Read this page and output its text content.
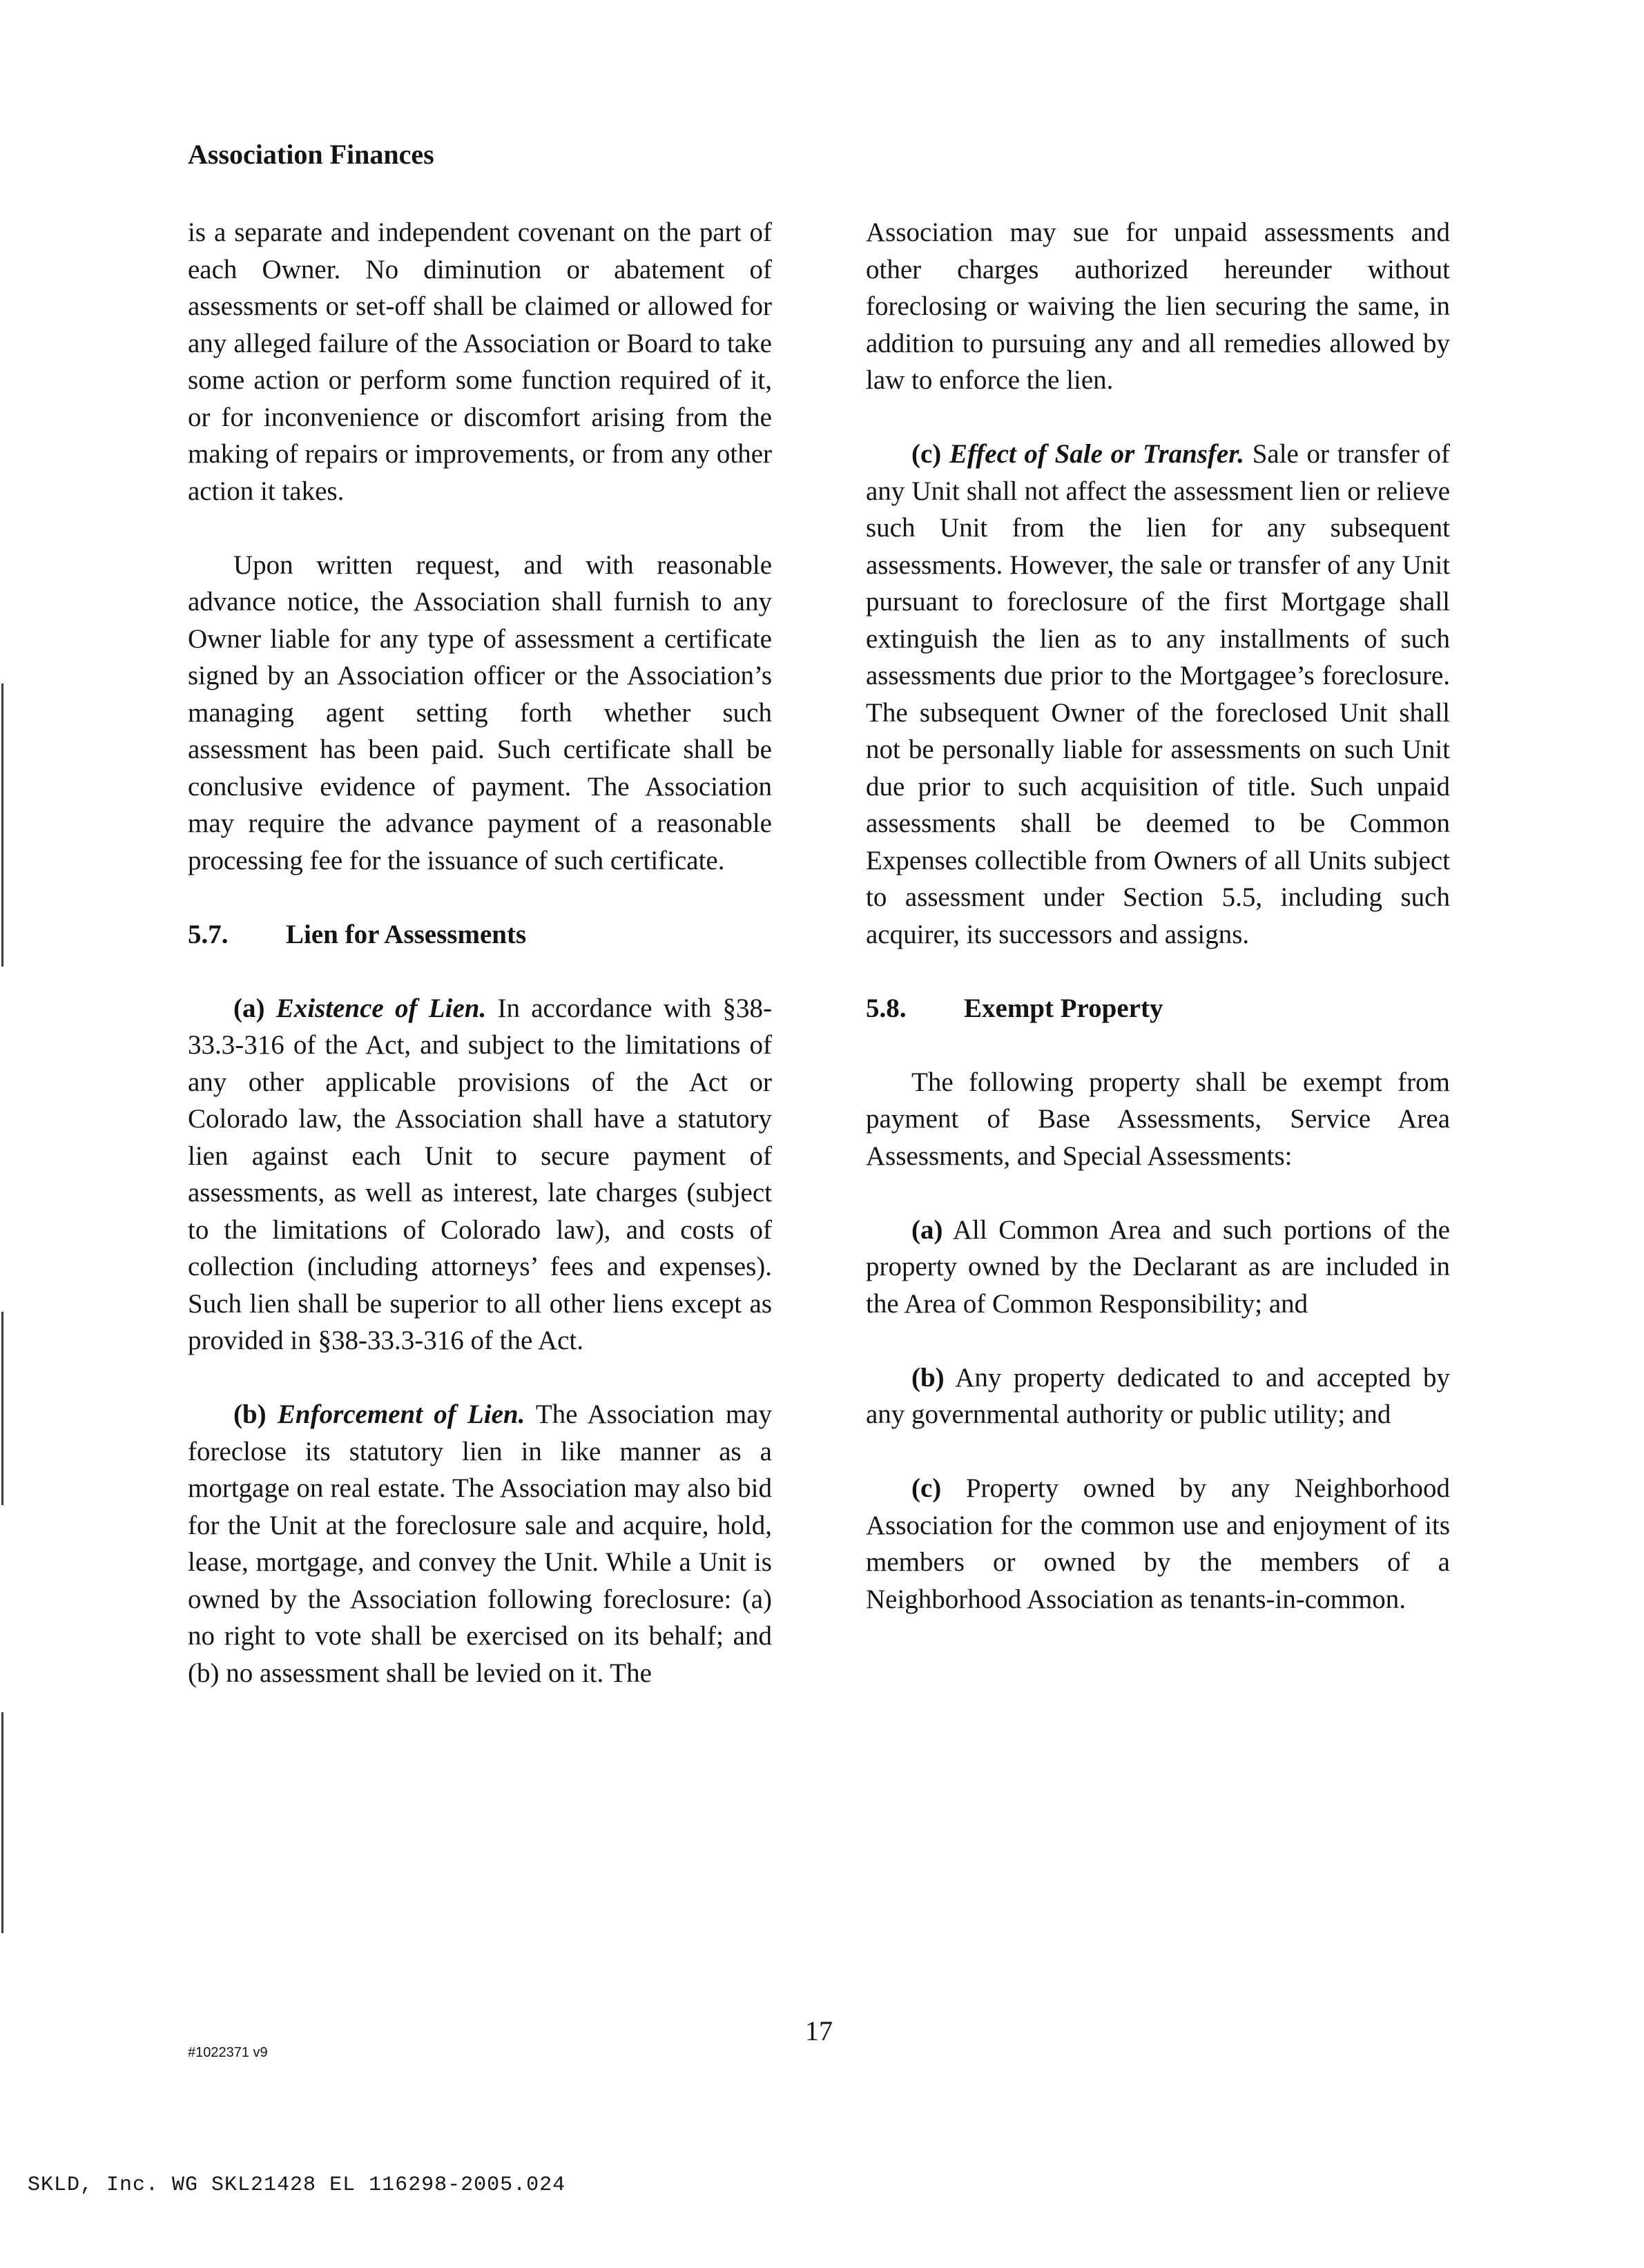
Association Finances

is a separate and independent covenant on the part of each Owner. No diminution or abatement of assessments or set-off shall be claimed or allowed for any alleged failure of the Association or Board to take some action or perform some function required of it, or for inconvenience or discomfort arising from the making of repairs or improvements, or from any other action it takes.

Upon written request, and with reasonable advance notice, the Association shall furnish to any Owner liable for any type of assessment a certificate signed by an Association officer or the Association’s managing agent setting forth whether such assessment has been paid. Such certificate shall be conclusive evidence of payment. The Association may require the advance payment of a reasonable processing fee for the issuance of such certificate.

5.7. Lien for Assessments

(a) Existence of Lien. In accordance with §38-33.3-316 of the Act, and subject to the limitations of any other applicable provisions of the Act or Colorado law, the Association shall have a statutory lien against each Unit to secure payment of assessments, as well as interest, late charges (subject to the limitations of Colorado law), and costs of collection (including attorneys’ fees and expenses). Such lien shall be superior to all other liens except as provided in §38-33.3-316 of the Act.

(b) Enforcement of Lien. The Association may foreclose its statutory lien in like manner as a mortgage on real estate. The Association may also bid for the Unit at the foreclosure sale and acquire, hold, lease, mortgage, and convey the Unit. While a Unit is owned by the Association following foreclosure: (a) no right to vote shall be exercised on its behalf; and (b) no assessment shall be levied on it. The

Association may sue for unpaid assessments and other charges authorized hereunder without foreclosing or waiving the lien securing the same, in addition to pursuing any and all remedies allowed by law to enforce the lien.

(c) Effect of Sale or Transfer. Sale or transfer of any Unit shall not affect the assessment lien or relieve such Unit from the lien for any subsequent assessments. However, the sale or transfer of any Unit pursuant to foreclosure of the first Mortgage shall extinguish the lien as to any installments of such assessments due prior to the Mortgagee’s foreclosure. The subsequent Owner of the foreclosed Unit shall not be personally liable for assessments on such Unit due prior to such acquisition of title. Such unpaid assessments shall be deemed to be Common Expenses collectible from Owners of all Units subject to assessment under Section 5.5, including such acquirer, its successors and assigns.

5.8. Exempt Property

The following property shall be exempt from payment of Base Assessments, Service Area Assessments, and Special Assessments:

(a) All Common Area and such portions of the property owned by the Declarant as are included in the Area of Common Responsibility; and

(b) Any property dedicated to and accepted by any governmental authority or public utility; and

(c) Property owned by any Neighborhood Association for the common use and enjoyment of its members or owned by the members of a Neighborhood Association as tenants-in-common.

17

#1022371 v9

SKLD, Inc. WG SKL21428 EL 116298-2005.024
